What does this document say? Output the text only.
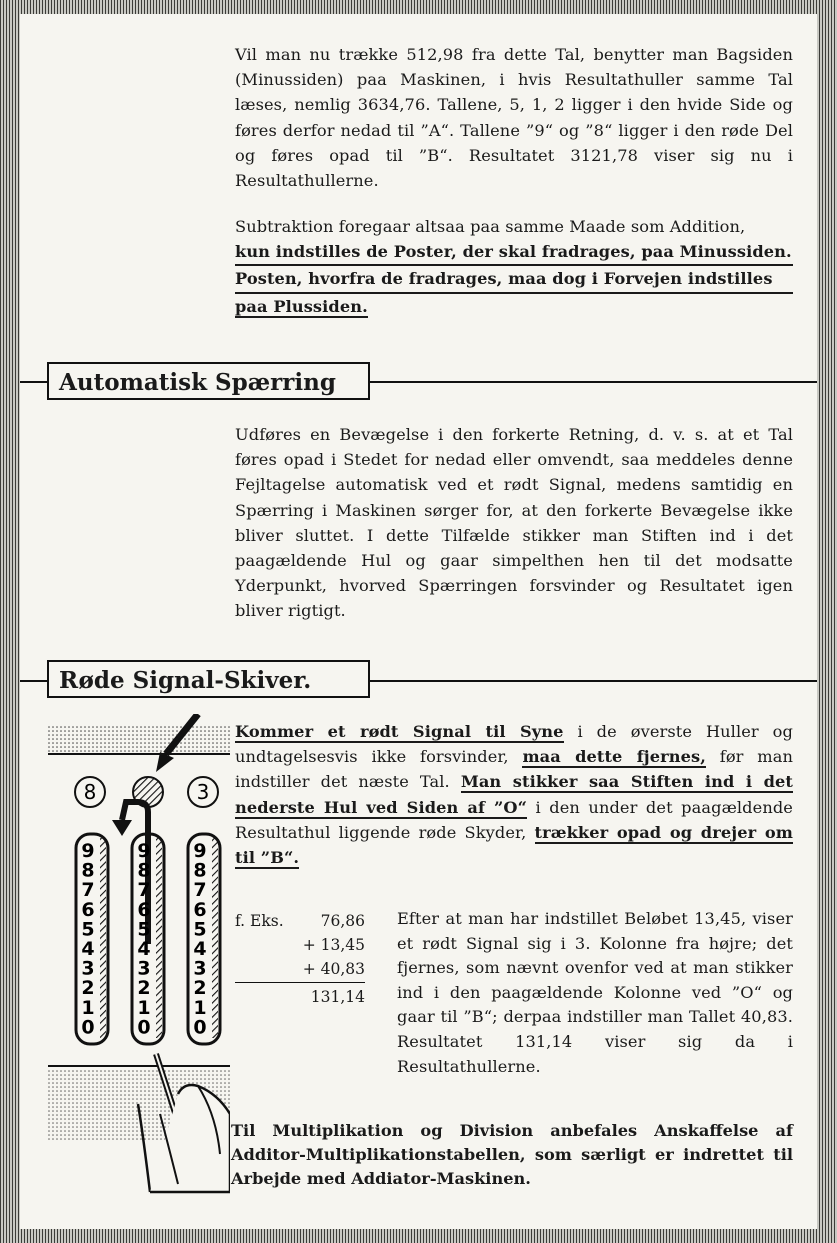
Vil man nu trække 512,98 fra dette Tal, benytter man Bagsiden (Minussiden) paa Maskinen, i hvis Resultathuller samme Tal læses, nemlig 3634,76. Tallene, 5, 1, 2 ligger i den hvide Side og føres derfor nedad til ”A“. Tallene ”9“ og ”8“ ligger i den røde Del og føres opad til ”B“. Resultatet 3121,78 viser sig nu i Resultathullerne.

Subtraktion foregaar altsaa paa samme Maade som Addition,
kun indstilles de Poster, der skal fradrages, paa Minussiden.
Posten, hvorfra de fradrages, maa dog i Forvejen indstilles
paa Plussiden.

Automatisk Spærring

Udføres en Bevægelse i den forkerte Retning, d. v. s. at et Tal føres opad i Stedet for nedad eller omvendt, saa meddeles denne Fejltagelse automatisk ved et rødt Signal, medens samtidig en Spærring i Maskinen sørger for, at den forkerte Bevægelse ikke bliver sluttet. I dette Tilfælde stikker man Stiften ind i det paagældende Hul og gaar simpelthen hen til det modsatte Yderpunkt, hvorved Spærringen forsvinder og Resultatet igen bliver rigtigt.

Røde Signal-Skiver.

Kommer et rødt Signal til Syne i de øverste Huller og undtagelsesvis ikke forsvinder, maa dette fjernes, før man indstiller det næste Tal. Man stikker saa Stiften ind i det nederste Hul ved Siden af ”O“ i den under det paagældende Resultathul liggende røde Skyder, trækker opad og drejer om til ”B“.

f. Eks. 76,86
+ 13,45
+ 40,83
131,14

Efter at man har indstillet Beløbet 13,45, viser et rødt Signal sig i 3. Kolonne fra højre; det fjernes, som nævnt ovenfor ved at man stikker ind i den paagældende Kolonne ved ”O“ og gaar til ”B“; derpaa indstiller man Tallet 40,83. Resultatet 131,14 viser sig da i Resultathullerne.

Til Multiplikation og Division anbefales Anskaffelse af Additor-Multiplikationstabellen, som særligt er indrettet til Arbejde med Addiator-Maskinen.
8	3
9
8
7
6
5
4
3
2
1
0
9
8
7
6
5
4
3
2
1
0
9
8
7
6
5
4
3
2
1
0
